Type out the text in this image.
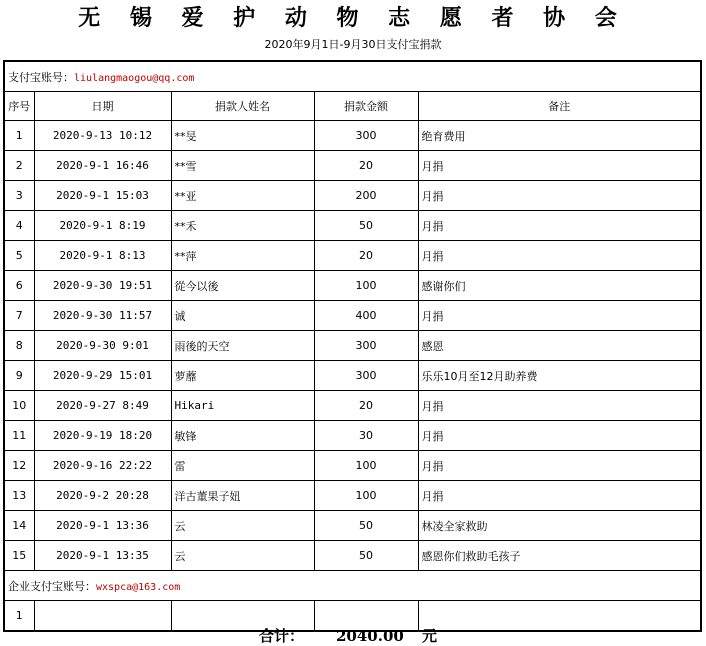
无 锡 爱 护 动 物 志 愿 者 协 会
2020年9月1日-9月30日支付宝捐款
支付宝账号：liulangmaogou@qq.com				
序号	日期	捐款人姓名	捐款金额	备注
1	2020-9-13 10:12	**旻	300	绝育费用
2	2020-9-1 16:46	**雪	20	月捐
3	2020-9-1 15:03	**亚	200	月捐
4	2020-9-1 8:19	**禾	50	月捐
5	2020-9-1 8:13	**萍	20	月捐
6	2020-9-30 19:51	從今以後	100	感谢你们
7	2020-9-30 11:57	诚	400	月捐
8	2020-9-30 9:01	雨後的天空	300	感恩
9	2020-9-29 15:01	萝蘼	300	乐乐10月至12月助养费
10	2020-9-27 8:49	Hikari	20	月捐
11	2020-9-19 18:20	敏锋	30	月捐
12	2020-9-16 22:22	雷	100	月捐
13	2020-9-2 20:28	洋古董果子妞	100	月捐
14	2020-9-1 13:36	云	50	林凌全家救助
15	2020-9-1 13:35	云	50	感恩你们救助毛孩子
企业支付宝账号：wxspca@163.com				
1				
合计： 2040.00 元
